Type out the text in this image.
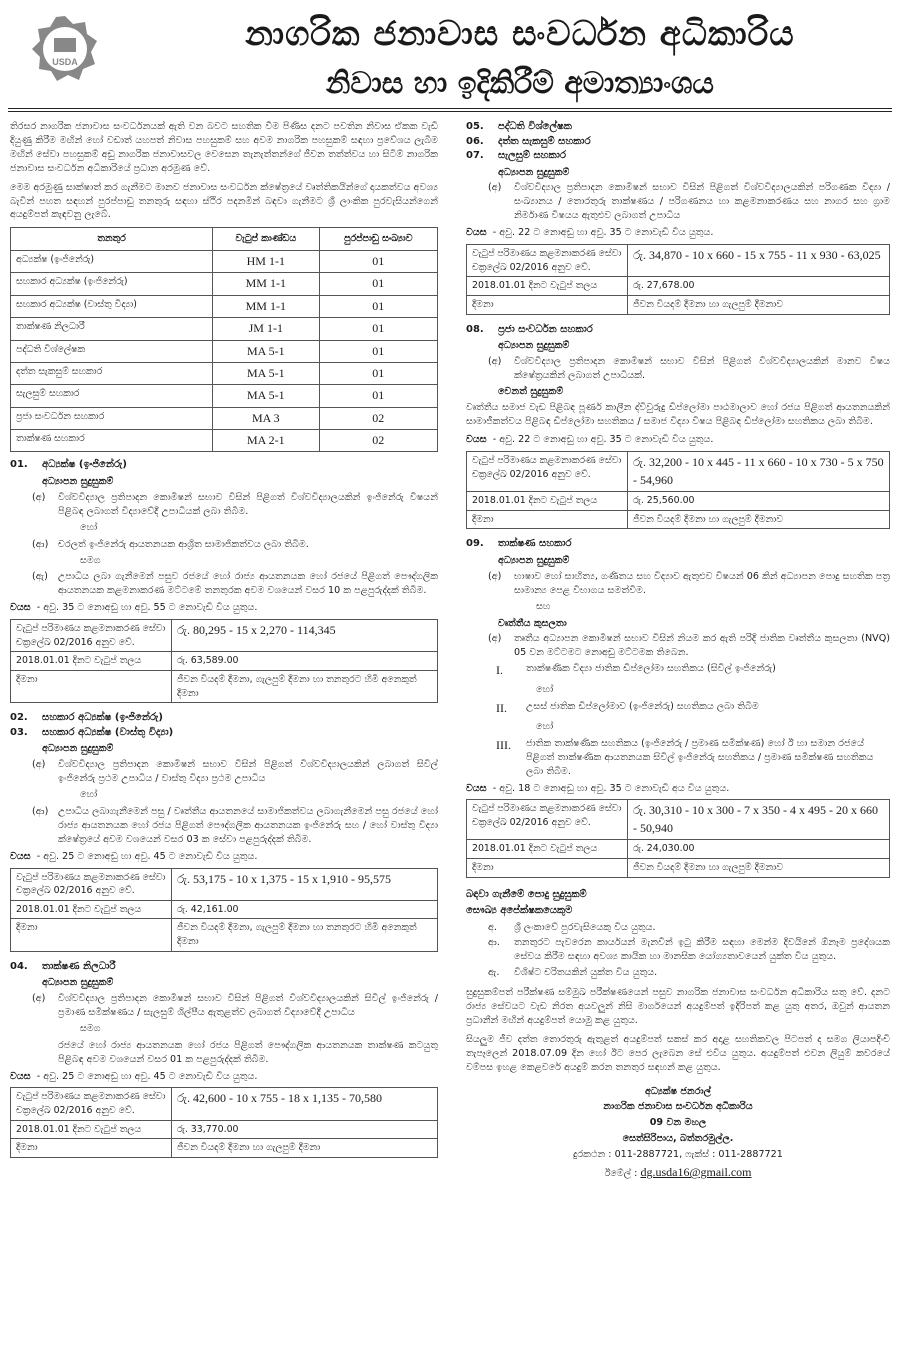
USDA
නාගරික ජනාවාස සංවර්ධන අධිකාරිය
නිවාස හා ඉදිකිරීම් අමාත්‍යාංශය

තිරසර නාගරික ජනාවාස සංවර්ධනයක් ඇති වන බවට සහතික වීම පිණිස දනට පවතින නිවාස ඒකක වැඩි දියුණු කිරීම මඟින් හෝ වඩාත් යහපත් නිවාස පහසුකම් සහ අවම නාගරික පහසුකම් සඳහා ප්‍රවේශය ලැබීම මඟින් සේවා පහසුකම් අඩු නාගරික ජනාවාසවල වෙසෙන තැනැත්තන්ගේ ජීවන තත්ත්වය හා සිටිම් නාගරික ජනාවාස සංවර්ධන අධිකාරියේ ප්‍රධාන අරමුණ වේ.

මෙම අරමුණු සාක්ෂාත් කර ගැනීමට මානව ජනාවාස සංවර්ධන ක්ෂේත්‍රයේ වෘත්තිකයින්ගේ දායකත්වය අවශ්‍ය බැවින් පහත සඳහන් පුරප්පාඩු තනතුරු සඳහා ස්ථිර පදනමින් බඳවා ගැනීමට ශ්‍රී ලාංකික පුරවැසියන්ගෙන් අයදුම්පත් කැඳවනු ලැබේ.

තනතුර	වැටුප් කාණ්ඩය	පුරප්පාඩු සංඛ්‍යාව
අධ්‍යක්ෂ (ඉංජිනේරු)	HM 1-1	01
සහකාර අධ්‍යක්ෂ (ඉංජිනේරු)	MM 1-1	01
සහකාර අධ්‍යක්ෂ (වාස්තු විද්‍යා)	MM 1-1	01
තාක්ෂණ නිලධාරී	JM 1-1	01
පද්ධති විශ්ලේෂක	MA 5-1	01
දත්ත සැකසුම් සහකාර	MA 5-1	01
සැලසුම් සහකාර	MA 5-1	01
ප්‍රජා සංවර්ධන සහකාර	MA 3	02
තාක්ෂණ සහකාර	MA 2-1	02
01. අධ්‍යක්ෂ (ඉංජිනේරු)
අධ්‍යාපන සුදුසුකම්
(අ)	විශ්වවිද්‍යාල ප්‍රතිපාදන කොමිෂන් සභාව විසින් පිළිගත් විශ්වවිද්‍යාලයකින් ඉංජිනේරු විෂයන් පිළිබඳ ලබාගත් විද්‍යාවේදී උපාධියක් ලබා තිබීම.
හෝ
(ආ)	චරලත් ඉංජිනේරු ආයතනයක ආශ්‍රිත සාමාජිකත්වය ලබා තිබීම.
සමග
(ඇ)	උපාධිය ලබා ගැනීමෙන් පසුව රජයේ හෝ රාජ්‍ය ආයතනයක හෝ රජයේ පිළිගත් පෞද්ගලික ආයතනයක කළමනාකරණ මට්ටමේ තනතුරක අවම වශයෙන් වසර 10 ක පළපුරුද්දක් තිබීම.
වයස - අවු. 35 ට නොඅඩු හා අවු. 55 ට නොවැඩි විය යුතුය.
වැටුප් පරිමාණය කළමනාකරණ සේවා චක්‍රලේඛ 02/2016 අනුව වේ.	රු. 80,295 - 15 x 2,270 - 114,345
2018.01.01 දිනට වැටුප් තලය	රු. 63,589.00
දීමනා	ජීවන වියදම් දීමනා, ගැලපුම් දීමනා හා තනතුරට හිමි අනෙකුත් දීමනා
02. සහකාර අධ්‍යක්ෂ (ඉංජිනේරු)
03. සහකාර අධ්‍යක්ෂ (වාස්තු විද්‍යා)
අධ්‍යාපන සුදුසුකම්
(අ)	විශ්වවිද්‍යාල ප්‍රතිපාදන කොමිෂන් සභාව විසින් පිළිගත් විශ්වවිද්‍යාලයකින් ලබාගත් සිවිල් ඉංජිනේරු ප්‍රථම උපාධිය / වාස්තු විද්‍යා ප්‍රථම උපාධිය
හෝ
(ආ)	උපාධිය ලබාගැනීමෙන් පසු / වෘත්තීය ආයතනයේ සාමාජිකත්වය ලබාගැනීමෙන් පසු රජයේ හෝ රාජ්‍ය ආයතනයක හෝ රජය පිළිගත් පෞද්ගලික ආයතනයක ඉංජිනේරු සහ / හෝ වාස්තු විද්‍යා ක්ෂේත්‍රයේ අවම වශයෙන් වසර 03 ක සේවා පළපුරුද්දක් තිබීම.
වයස - අවු. 25 ට නොඅඩු හා අවු. 45 ට නොවැඩි විය යුතුය.
වැටුප් පරිමාණය කළමනාකරණ සේවා චක්‍රලේඛ 02/2016 අනුව වේ.	රු. 53,175 - 10 x 1,375 - 15 x 1,910 - 95,575
2018.01.01 දිනට වැටුප් තලය	රු. 42,161.00
දීමනා	ජීවන වියදම් දීමනා, ගැලපුම් දීමනා හා තනතුරට හිමි අනෙකුත් දීමනා
04. තාක්ෂණ නිලධාරී
අධ්‍යාපන සුදුසුකම්
(අ)	විශ්වවිද්‍යාල ප්‍රතිපාදන කොමිෂන් සභාව විසින් පිළිගත් විශ්වවිද්‍යාලයකින් සිවිල් ඉංජිනේරු / ප්‍රමාණ සමීක්ෂණය / සැලසුම් ශිල්පීය ඇතුළත්ව ලබාගත් විද්‍යාවේදී උපාධිය
සමග
රජයේ හෝ රාජ්‍ය ආයතනයක හෝ රජය පිළිගත් පෞද්ගලික ආයතනයක තාක්ෂණ කටයුතු පිළිබඳ අවම වශයෙන් වසර 01 ක පළපුරුද්දක් තිබීම.
වයස - අවු. 25 ට නොඅඩු හා අවු. 45 ට නොවැඩි විය යුතුය.
වැටුප් පරිමාණය කළමනාකරණ සේවා චක්‍රලේඛ 02/2016 අනුව වේ.	රු. 42,600 - 10 x 755 - 18 x 1,135 - 70,580
2018.01.01 දිනට වැටුප් තලය	රු. 33,770.00
දීමනා	ජීවන වියදම් දීමනා හා ගැලපුම් දීමනා
05. පද්ධති විශ්ලේෂක
06. දත්ත සැකසුම් සහකාර
07. සැලසුම් සහකාර
අධ්‍යාපන සුදුසුකම්
(අ)	විශ්වවිද්‍යාල ප්‍රතිපාදන කොමිෂන් සභාව විසින් පිළිගත් විශ්වවිද්‍යාලයකින් පරිගණක විද්‍යා / සංඛ්‍යානය / තොරතුරු තාක්ෂණය / පරිගණනය හා කළමනාකරණය සහ නාගර සහ ග්‍රාම නිර්මාණ විෂයය ඇතුළුව ලබාගත් උපාධිය
වයස - අවු. 22 ට නොඅඩු හා අවු. 35 ට නොවැඩි විය යුතුය.
වැටුප් පරිමාණය කළමනාකරණ සේවා චක්‍රලේඛ 02/2016 අනුව වේ.	රු. 34,870 - 10 x 660 - 15 x 755 - 11 x 930 - 63,025
2018.01.01 දිනට වැටුප් තලය	රු. 27,678.00
දීමනා	ජීවන වියදම් දීමනා හා ගැලපුම් දීමනාව
08. ප්‍රජා සංවර්ධන සහකාර
අධ්‍යාපන සුදුසුකම්
(අ)	විශ්වවිද්‍යාල ප්‍රතිපාදන කොමිෂන් සභාව විසින් පිළිගත් විශ්වවිද්‍යාලයකින් මානව විෂය ක්ෂේත්‍රයකින් ලබාගත් උපාධියක්.
වෙනත් සුදුසුකම්

වෘත්තීය සමාජ වැඩ පිළිබඳ පූර්ණ කාලීන ද්විවුරුදු ඩිප්ලෝමා පාඨමාලාව හෝ රජය පිළිගත් ආයතනයකින් සාමාජීකත්වය පිළිබඳ ඩිප්ලෝමා සහතිකය / සමාජ විද්‍යා විෂය පිළිබඳ ඩිප්ලෝමා සහතිකය ලබා තිබීම.

වයස - අවු. 22 ට නොඅඩු හා අවු. 35 ට නොවැඩි විය යුතුය.
වැටුප් පරිමාණය කළමනාකරණ සේවා චක්‍රලේඛ 02/2016 අනුව වේ.	රු. 32,200 - 10 x 445 - 11 x 660 - 10 x 730 - 5 x 750 - 54,960
2018.01.01 දිනට වැටුප් තලය	රු. 25,560.00
දීමනා	ජීවන වියදම් දීමනා හා ගැලපුම් දීමනාව
09. තාක්ෂණ සහකාර
අධ්‍යාපන සුදුසුකම්
(අ)	භාෂාව හෝ සාහිත්‍ය, ගණිතය සහ විද්‍යාව ඇතුළුව විෂයන් 06 කින් අධ්‍යාපන පොදු සහතික පත්‍ර සාමාන්‍ය පෙළ විභාගය සමත්වීම.
සහ
වෘත්තීය කුසලතා
(අ)	තෘතීය අධ්‍යාපන කොමිෂන් සභාව විසින් නියම කර ඇති පරිදි ජාතික වෘත්තීය කුසලතා (NVQ) 05 වන මට්ටමට නොඅඩු මට්ටමක තිබෙන.
I.	තාක්ෂණික විද්‍යා ජාතික ඩිප්ලෝමා සහතිකය (සිවිල් ඉංජිනේරු)
හෝ
II.	උසස් ජාතික ඩිප්ලෝමාව (ඉංජිනේරු) සහතිකය ලබා තිබීම
හෝ
III.	ජාතික තාක්ෂණික සහතිකය (ඉංජිනේරු / ප්‍රමාණ සමීක්ෂණ) හෝ ඊ හා සමාන රජයේ පිළිගත් තාක්ෂණික ආයතනයක සිවිල් ඉංජිනේරු සහතිකය / ප්‍රමාණ සමීක්ෂණ සහතිකය ලබා තිබීම.
වයස - අවු. 18 ට නොඅඩු හා අවු. 35 ට නොවැඩි අය විය යුතුය.
වැටුප් පරිමාණය කළමනාකරණ සේවා චක්‍රලේඛ 02/2016 අනුව වේ.	රු. 30,310 - 10 x 300 - 7 x 350 - 4 x 495 - 20 x 660 - 50,940
2018.01.01 දිනට වැටුප් තලය	රු. 24,030.00
දීමනා	ජීවන වියදම් දීමනා හා ගැලපුම් දීමනාව
බඳවා ගැනීමේ පොදු සුදුසුකම්
සෞඛ්‍ය අපේක්ෂකයෙකුම
අ.	ශ්‍රී ලංකාවේ පුරවැසියෙකු විය යුතුය.
ආ.	තනතුරට පැවරෙන කාර්යයන් මැනවින් ඉටු කිරීම සඳහා මෙන්ම දිවයිනේ ඕනෑම ප්‍රදේශයක සේවය කිරීම සඳහා අවශ්‍ය කායික හා මානසික යෝග්‍යතාවයෙන් යුක්ත විය යුතුය.
ඇ.	විශිෂ්ට චරිතයකින් යුක්ත විය යුතුය.

සුදුසුකම්පත් පරීක්ෂණ සම්මුඛ පරීක්ෂණයෙන් පසුව නාගරික ජනාවාස සංවර්ධන අධිකාරිය සතු වේ. දනට රාජ්‍ය සේවයට වැඩ නිරත අයවලුන් නිසි මාර්ගයෙන් අයදුම්පත් ඉදිරිපත් කළ යුතු අතර, ඔවුන් ආයතන ප්‍රධානීන් මඟින් අයදුම්පත් යොමු කළ යුතුය.

සියලුම ජීව දත්ත තොරතුරු ඇතුළත් අයදුම්පත් සකස් කර අදාළ සහතිකවල පිටපත් ද සමග ලියාපදිංචි තැපෑලෙන් 2018.07.09 දින හෝ ඊට පෙර ලැබෙන සේ එවිය යුතුය. අයදුම්පත් එවන ලියුම් කවරයේ වම්පස ඉහළ කෙළවරේ අයදුම් කරන තනතුර සඳහන් කළ යුතුය.

අධ්‍යක්ෂ ජනරාල්
නාගරික ජනාවාස සංවර්ධන අධිකාරිය
09 වන මහල
සෙත්සිරිපාය, බත්තරමුල්ල.
දුරකථන : 011-2887721, ෆැක්ස් : 011-2887721
ඊමේල් : dg.usda16@gmail.com
